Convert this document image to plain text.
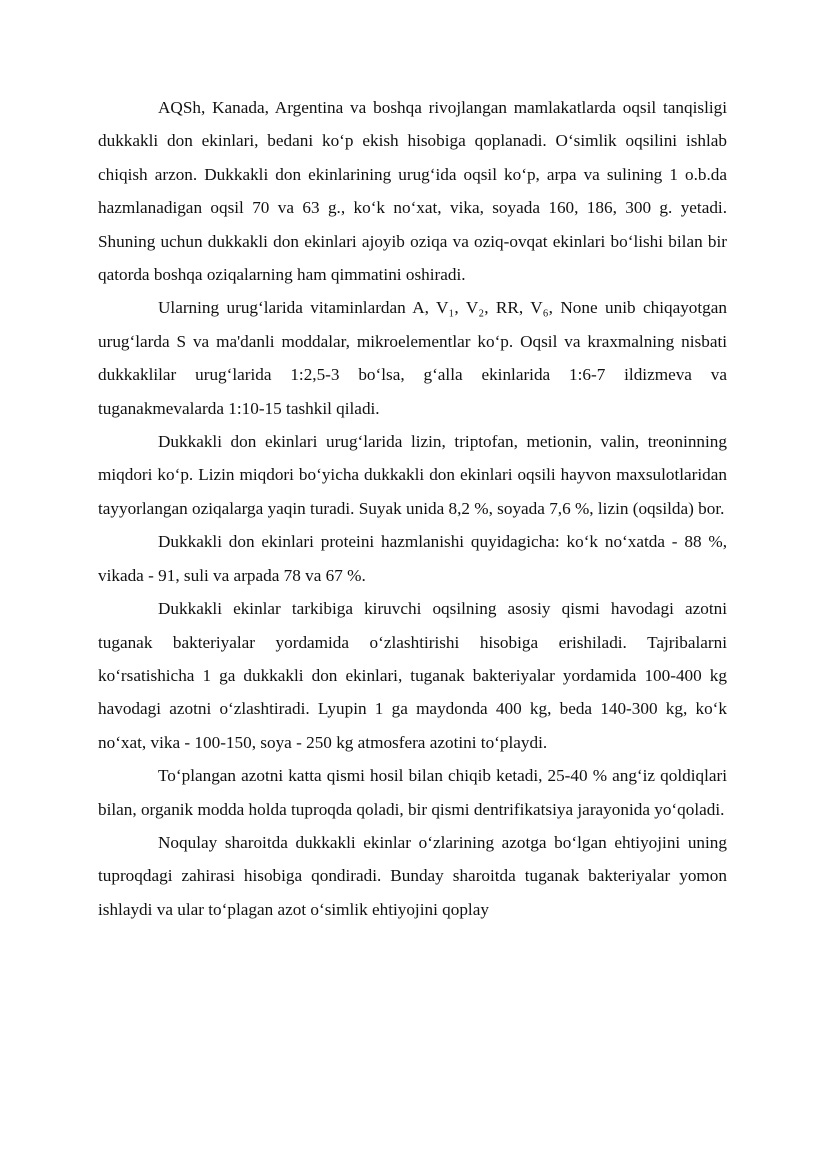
AQSh, Kanada, Argentina va boshqa rivojlangan mamlakatlarda oqsil tanqisligi dukkakli don ekinlari, bedani ko‘p ekish hisobiga qoplanadi. O‘simlik oqsilini ishlab chiqish arzon. Dukkakli don ekinlarining urug‘ida oqsil ko‘p, arpa va sulining 1 o.b.da hazmlanadigan oqsil 70 va 63 g., ko‘k no‘xat, vika, soyada 160, 186, 300 g. yetadi. Shuning uchun dukkakli don ekinlari ajoyib oziqa va oziq-ovqat ekinlari bo‘lishi bilan bir qatorda boshqa oziqalarning ham qimmatini oshiradi.

Ularning urug‘larida vitaminlardan A, V₁, V₂, RR, V₆, None unib chiqayotgan urug‘larda S va ma'danli moddalar, mikroelementlar ko‘p. Oqsil va kraxmalning nisbati dukkaklilar urug‘larida 1:2,5-3 bo‘lsa, g‘alla ekinlarida 1:6-7 ildizmeva va tuganakmevalarda 1:10-15 tashkil qiladi.

Dukkakli don ekinlari urug‘larida lizin, triptofan, metionin, valin, treoninning miqdori ko‘p. Lizin miqdori bo‘yicha dukkakli don ekinlari oqsili hayvon maxsulotlaridan tayyorlangan oziqalarga yaqin turadi. Suyak unida 8,2 %, soyada 7,6 %, lizin (oqsilda) bor.

Dukkakli don ekinlari proteini hazmlanishi quyidagicha: ko‘k no‘xatda - 88 %, vikada - 91, suli va arpada 78 va 67 %.

Dukkakli ekinlar tarkibiga kiruvchi oqsilning asosiy qismi havodagi azotni tuganak bakteriyalar yordamida o‘zlashtirishi hisobiga erishiladi. Tajribalarni ko‘rsatishicha 1 ga dukkakli don ekinlari, tuganak bakteriyalar yordamida 100-400 kg havodagi azotni o‘zlashtiradi. Lyupin 1 ga maydonda 400 kg, beda 140-300 kg, ko‘k no‘xat, vika - 100-150, soya - 250 kg atmosfera azotini to‘playdi.

To‘plangan azotni katta qismi hosil bilan chiqib ketadi, 25-40 % ang‘iz qoldiqlari bilan, organik modda holda tuproqda qoladi, bir qismi dentrifikatsiya jarayonida yo‘qoladi.

Noqulay sharoitda dukkakli ekinlar o‘zlarining azotga bo‘lgan ehtiyojini uning tuproqdagi zahirasi hisobiga qondiradi. Bunday sharoitda tuganak bakteriyalar yomon ishlaydi va ular to‘plagan azot o‘simlik ehtiyojini qoplay
